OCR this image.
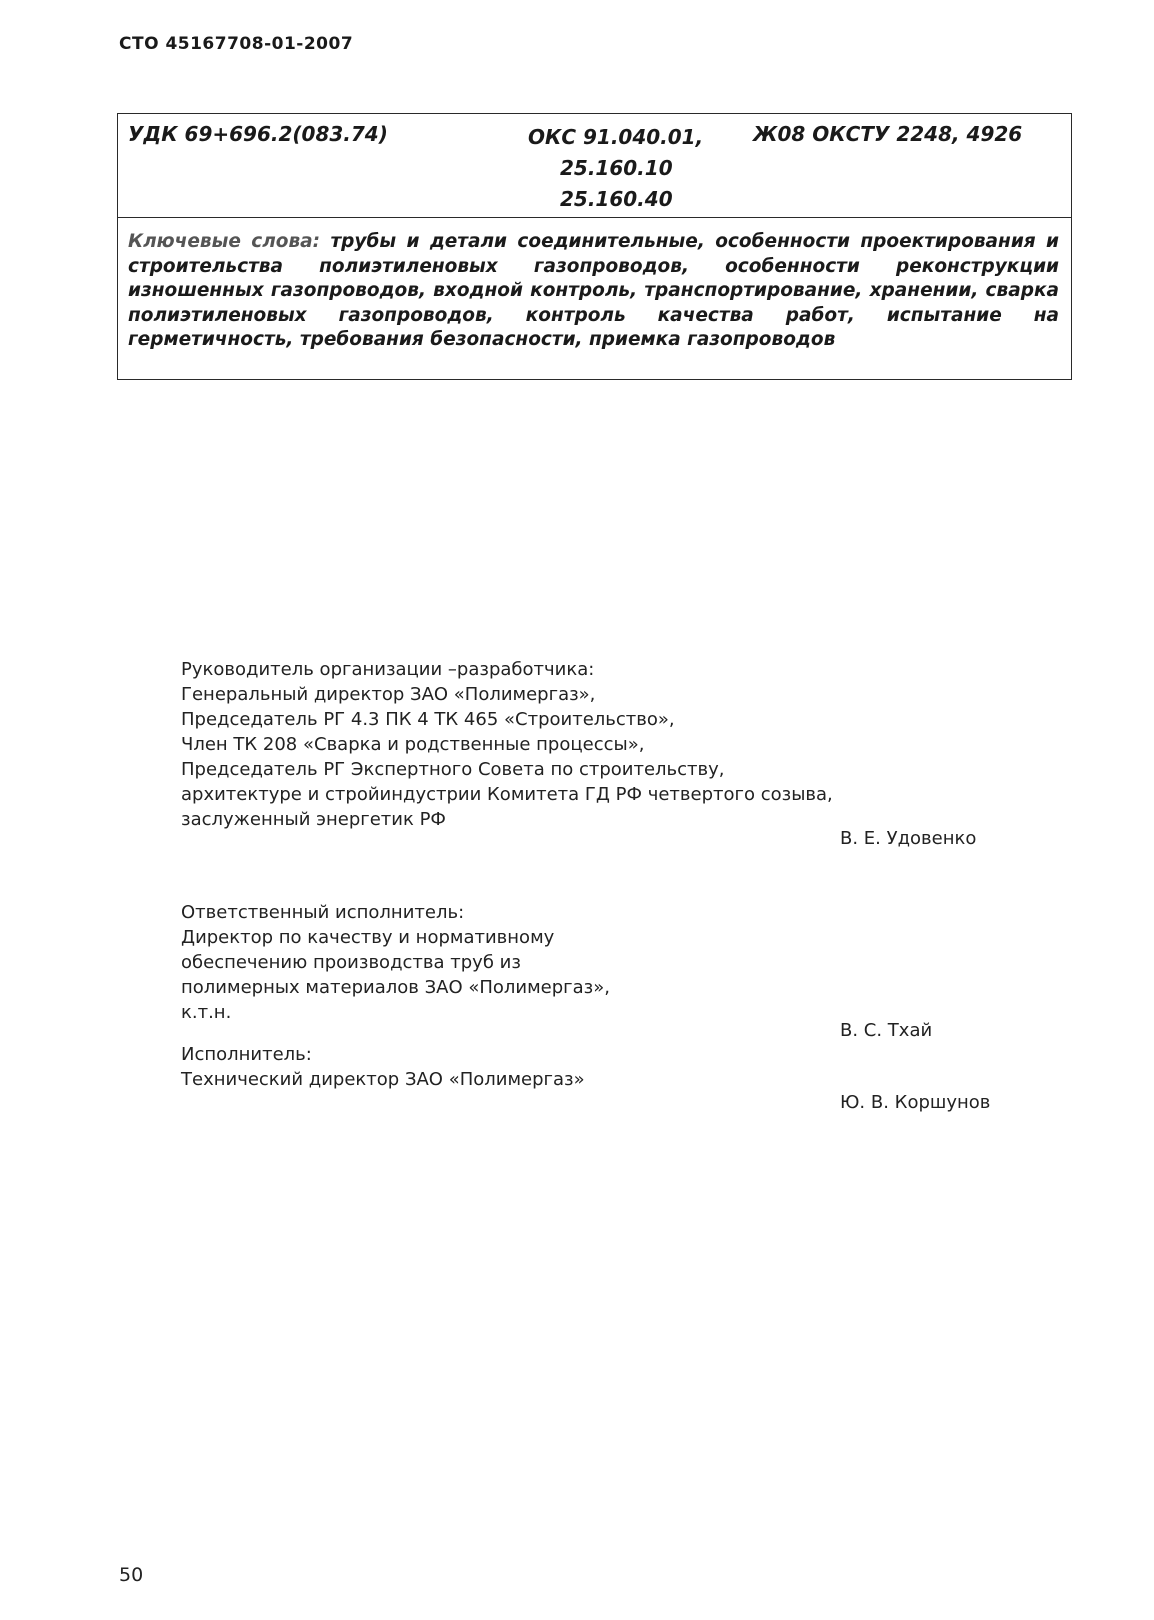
СТО 45167708-01-2007
УДК 69+696.2(083.74)	ОКС 91.040.01,
25.160.10
25.160.40
Ж08 ОКСТУ 2248, 4926
Ключевые слова: трубы и детали соединительные, особенности проектирования и строительства полиэтиленовых газопроводов, особенности реконструкции изношенных газопроводов, входной контроль, транспортирование, хранении, сварка полиэтиленовых газопроводов, контроль качества работ, испытание на герметичность, требования безопасности, приемка газопроводов
Руководитель организации –разработчика:
Генеральный директор ЗАО «Полимергаз»,
Председатель РГ 4.3 ПК 4 ТК 465 «Строительство»,
Член ТК 208 «Сварка и родственные процессы»,
Председатель РГ Экспертного Совета по строительству,
архитектуре и стройиндустрии Комитета ГД РФ четвертого созыва,
заслуженный энергетик РФ
В. Е. Удовенко
Ответственный исполнитель:
Директор по качеству и нормативному
обеспечению производства труб из
полимерных материалов ЗАО «Полимергаз»,
к.т.н.
В. С. Тхай
Исполнитель:
Технический директор ЗАО «Полимергаз»
Ю. В. Коршунов
50
